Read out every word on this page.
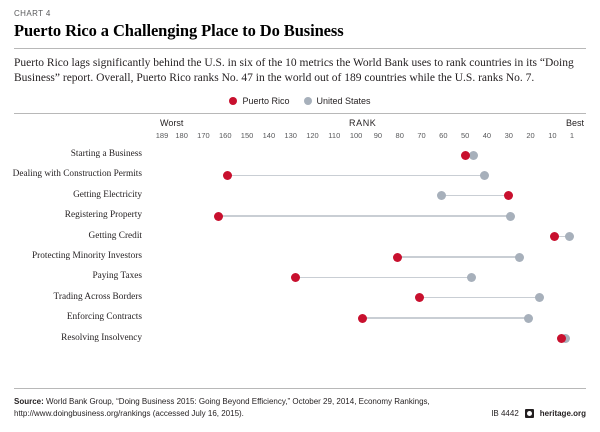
CHART 4
Puerto Rico a Challenging Place to Do Business
Puerto Rico lags significantly behind the U.S. in six of the 10 metrics the World Bank uses to rank countries in its “Doing Business” report. Overall, Puerto Rico ranks No. 47 in the world out of 189 countries while the U.S. ranks No. 7.
Puerto Rico	United States
Worst	RANK	Best
189 180 170 160 150 140 130 120 110 100 90 80 70 60 50 40 30 20 10 1
Starting a Business
Dealing with Construction Permits
Getting Electricity
Registering Property
Getting Credit
Protecting Minority Investors
Paying Taxes
Trading Across Borders
Enforcing Contracts
Resolving Insolvency
Source: World Bank Group, “Doing Business 2015: Going Beyond Efficiency,” October 29, 2014, Economy Rankings, http://www.doingbusiness.org/rankings (accessed July 16, 2015).	IB 4442	heritage.org
